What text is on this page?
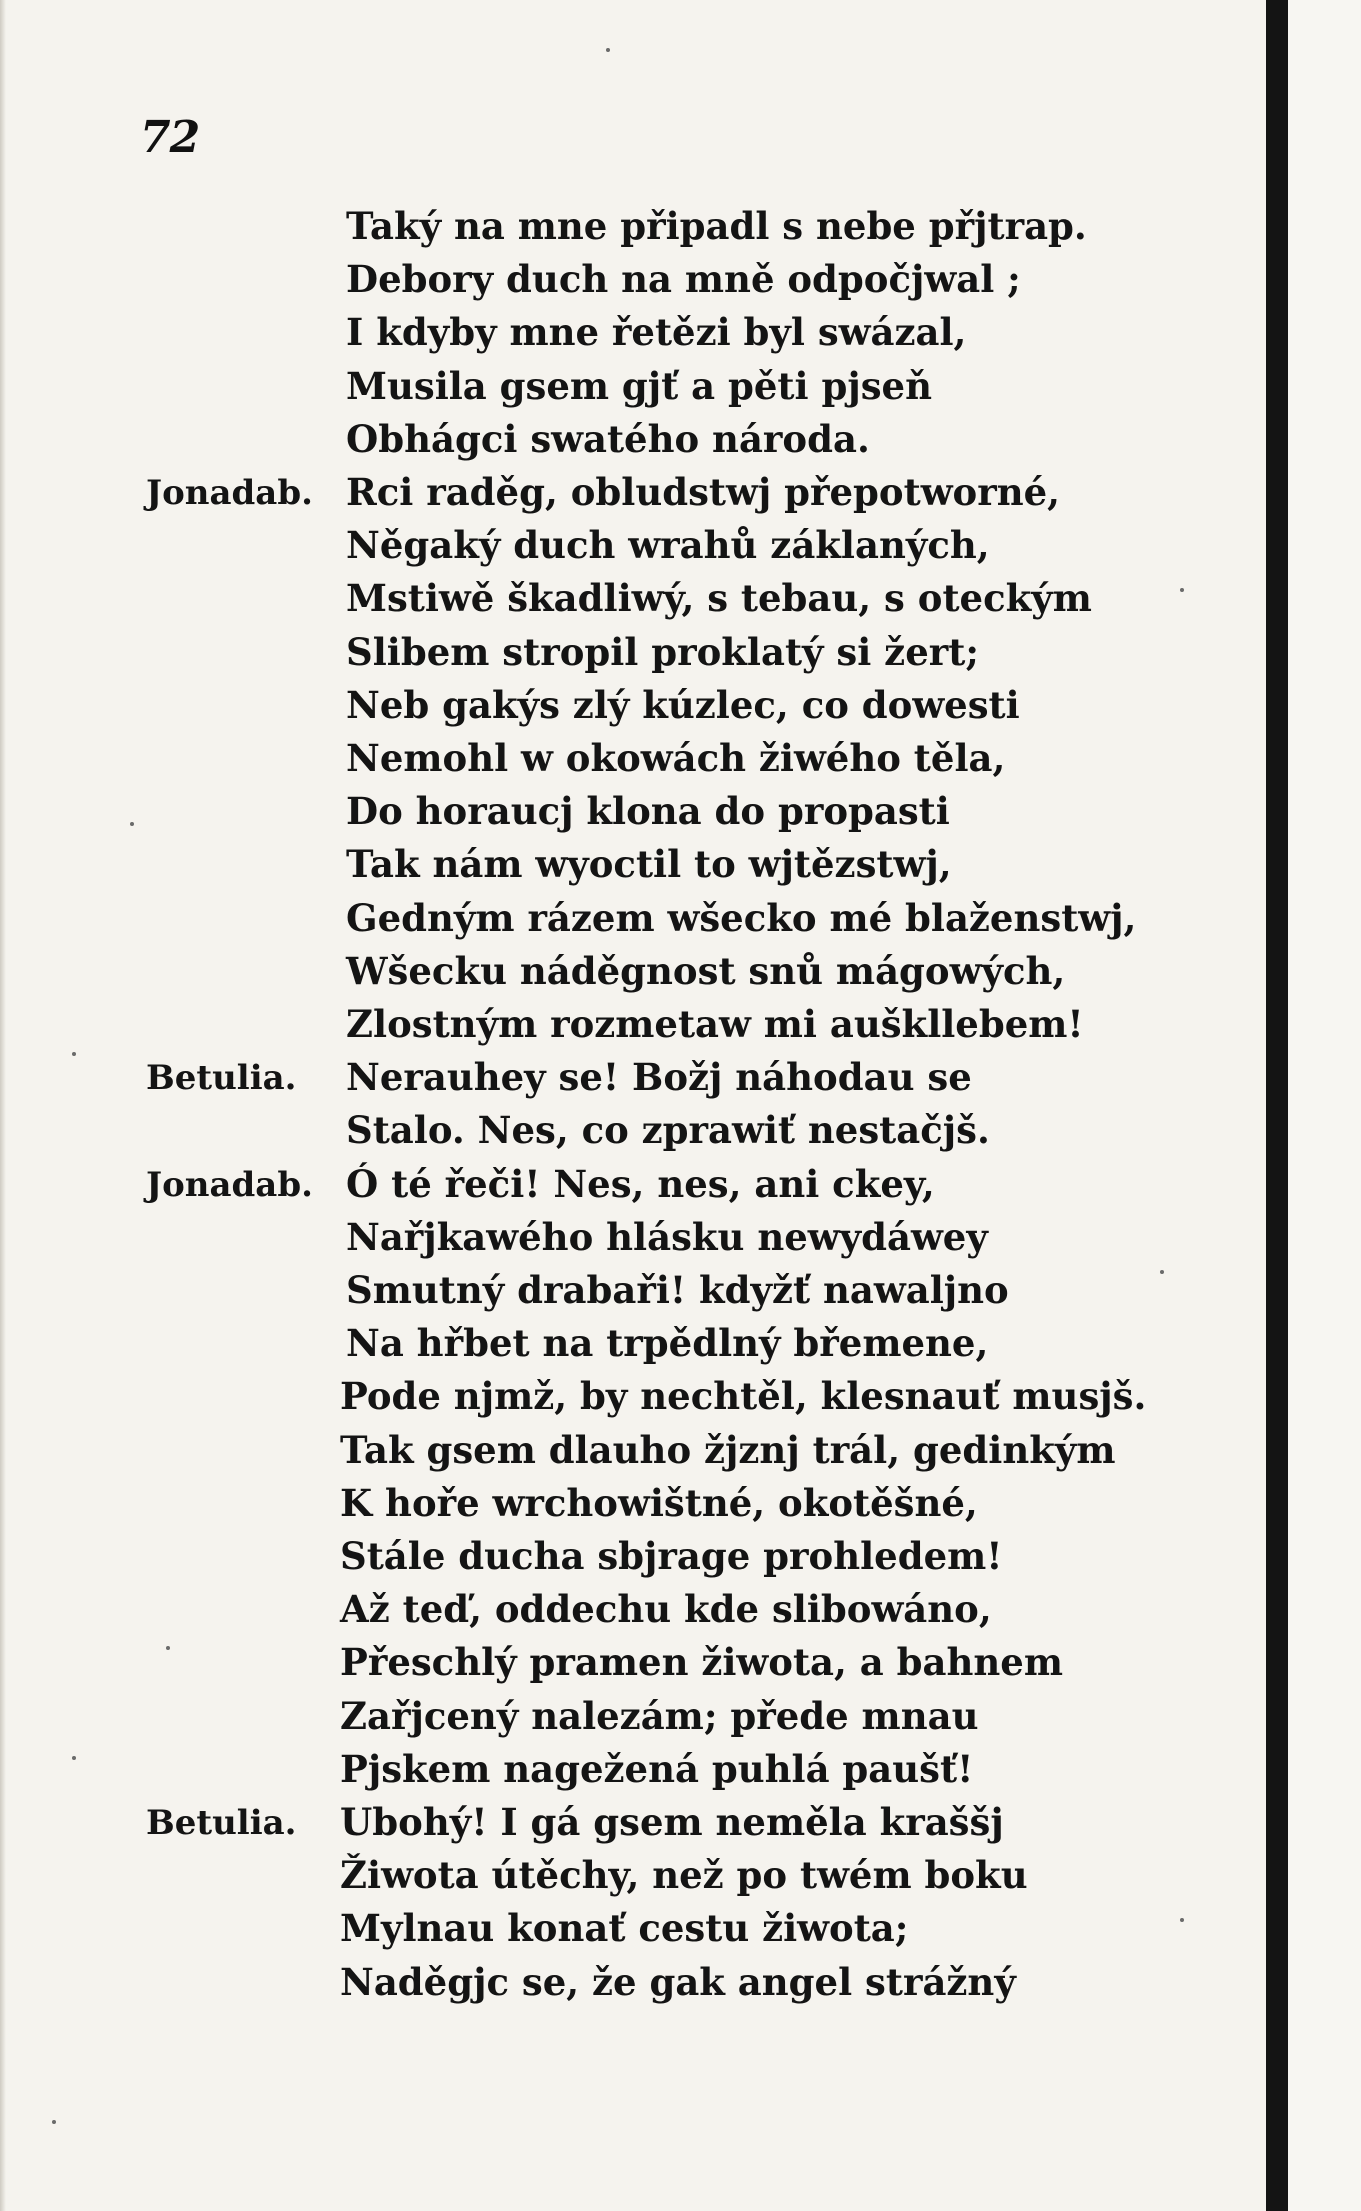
72
Taký na mne připadl s nebe přjtrap.
Debory duch na mně odpočjwal ;
I kdyby mne řetězi byl swázal,
Musila gsem gjť a pěti pjseň
Obhágci swatého národa.
Rci raděg, obludstwj přepotworné,
Něgaký duch wrahů záklaných,
Mstiwě škadliwý, s tebau, s oteckým
Slibem stropil proklatý si žert;
Neb gakýs zlý kúzlec, co dowesti
Nemohl w okowách žiwého těla,
Do horaucj klona do propasti
Tak nám wyoctil to wjtězstwj,
Gedným rázem wšecko mé blaženstwj,
Wšecku náděgnost snů mágowých,
Zlostným rozmetaw mi auškllebem!
Nerauhey se! Božj náhodau se
Stalo. Nes, co zprawiť nestačjš.
Ó té řeči! Nes, nes, ani ckey,
Nařjkawého hlásku newydáwey
Smutný drabaři! kdyžť nawaljno
Na hřbet na trpědlný břemene,
Pode njmž, by nechtěl, klesnauť musjš.
Tak gsem dlauho žjznj trál, gedinkým
K hoře wrchowištné, okotěšné,
Stále ducha sbjrage prohledem!
Až teď, oddechu kde slibowáno,
Přeschlý pramen žiwota, a bahnem
Zařjcený nalezám; přede mnau
Pjskem nagežená puhlá paušť!
Ubohý! I gá gsem neměla kraššj
Žiwota útěchy, než po twém boku
Mylnau konať cestu žiwota;
Naděgjc se, že gak angel strážný
Jonadab.
Betulia.
Jonadab.
Betulia.
